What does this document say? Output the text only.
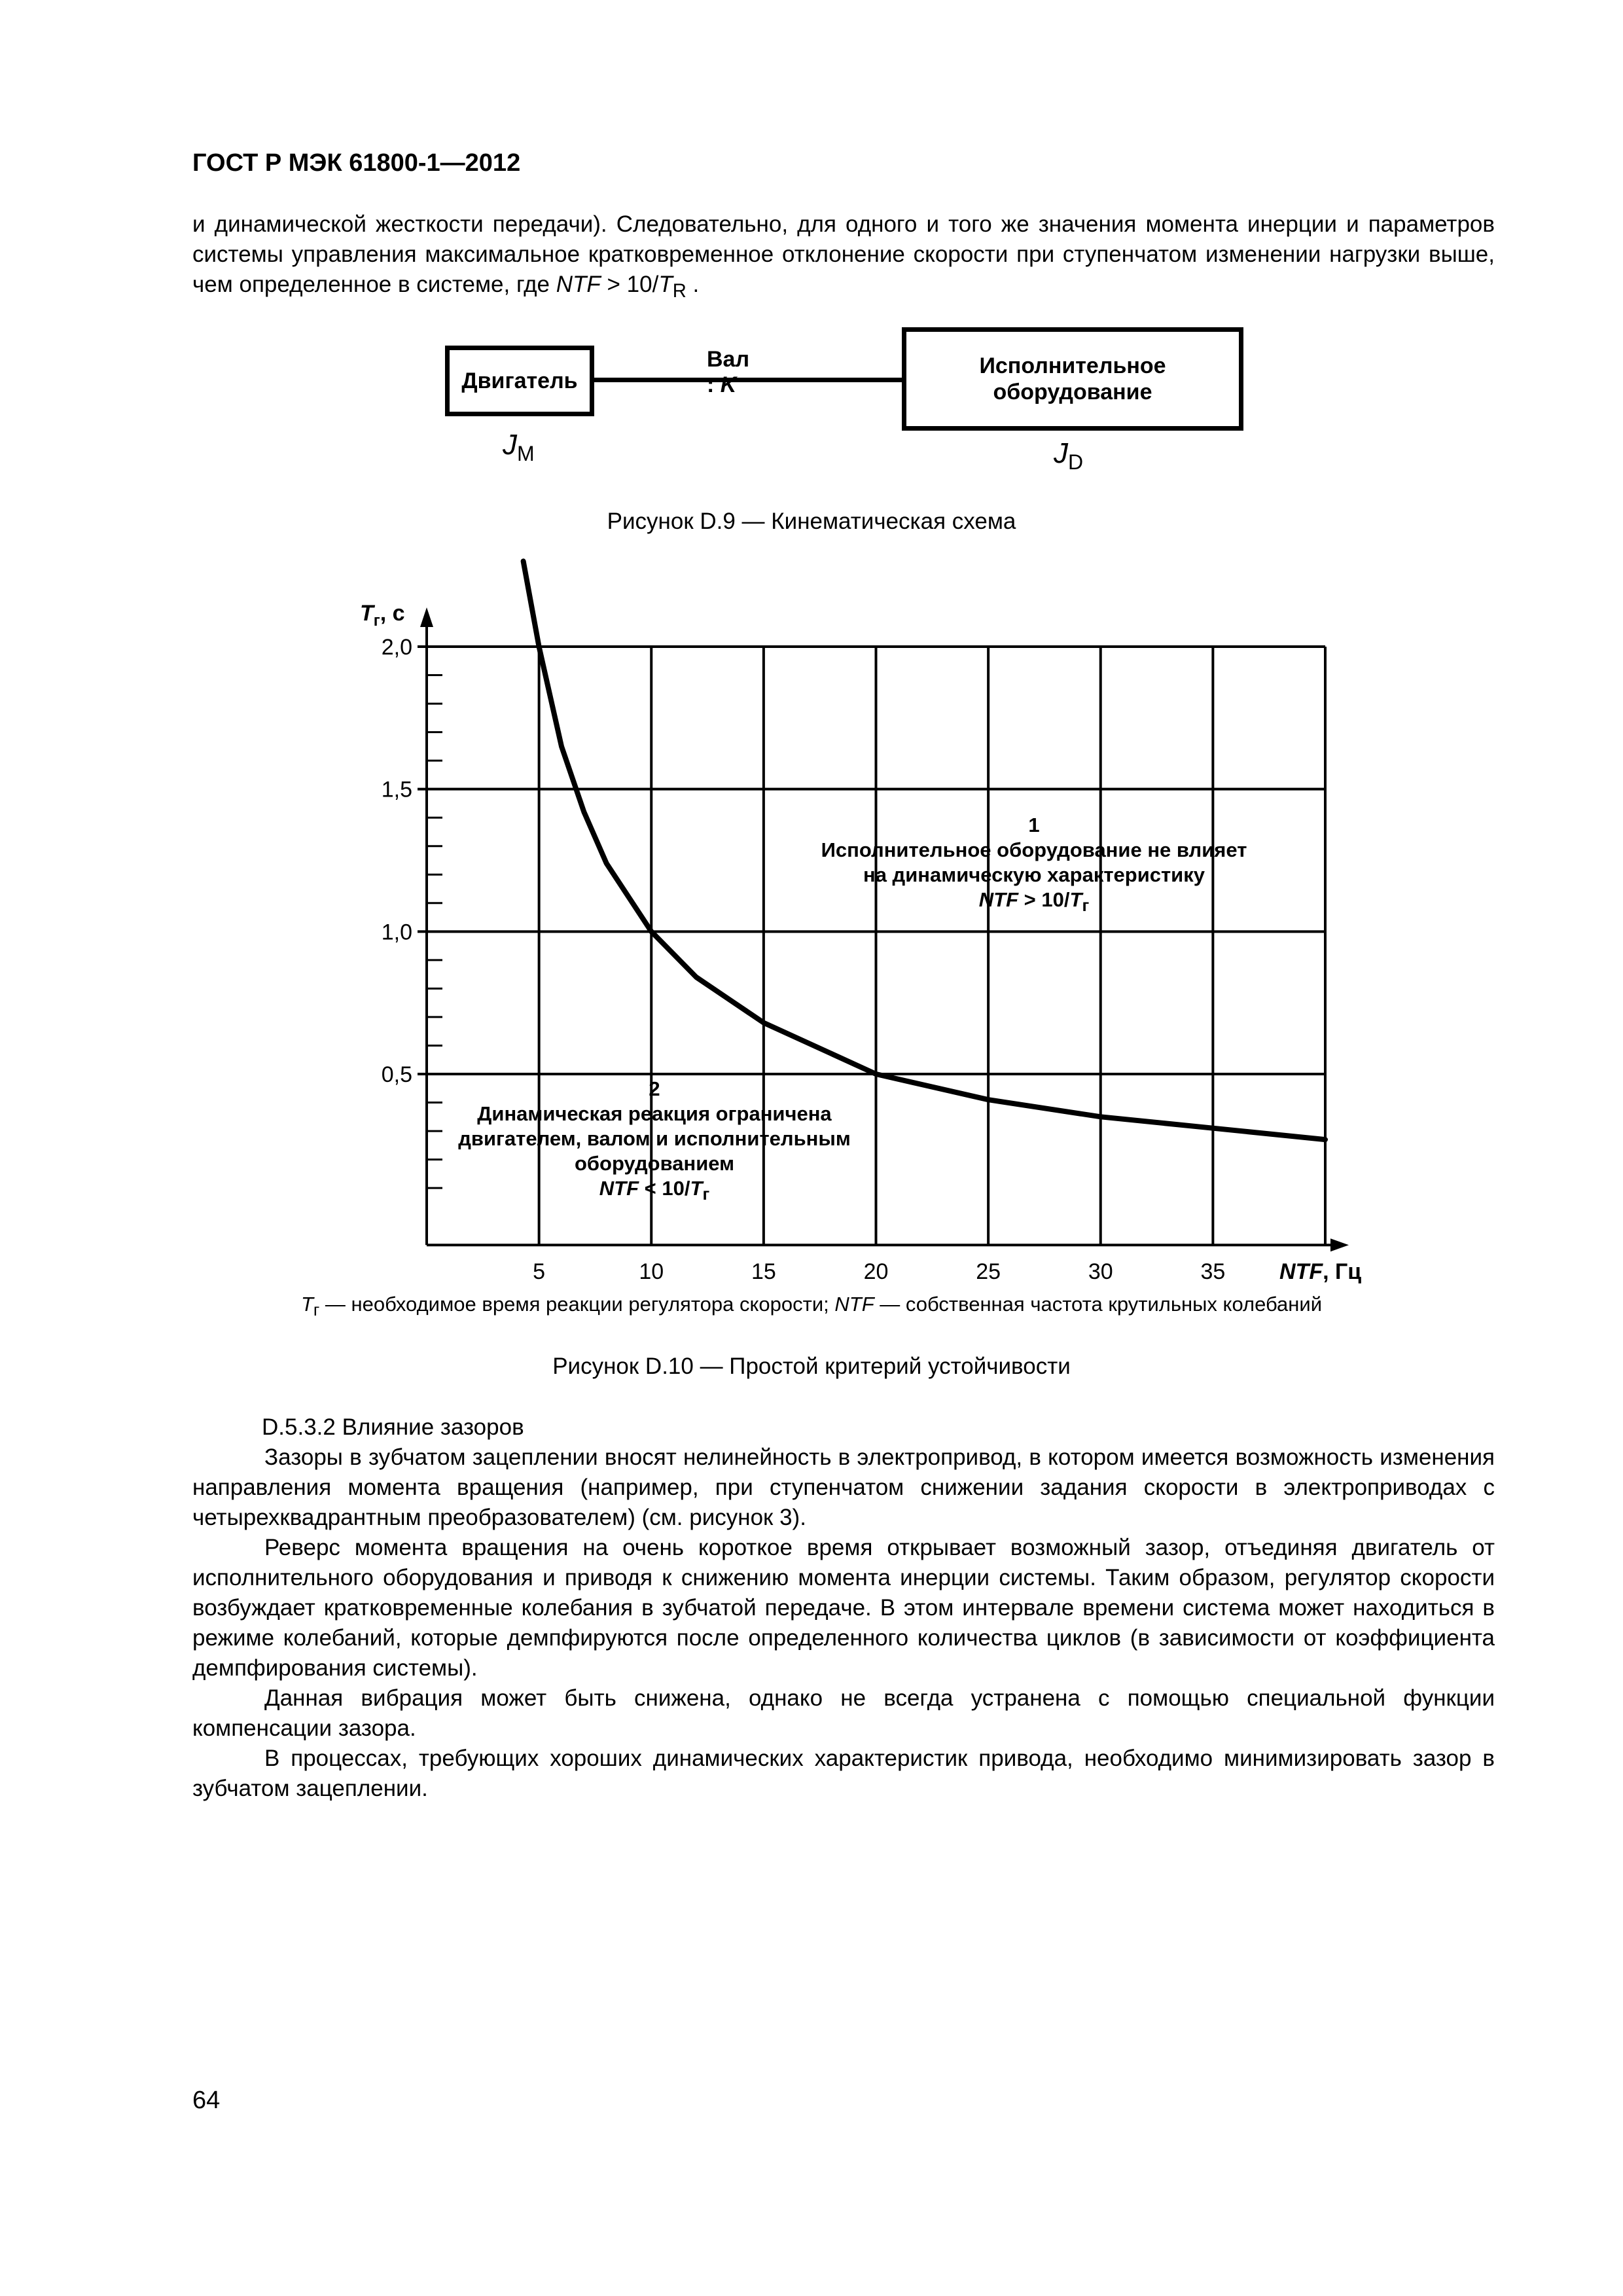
ГОСТ Р МЭК 61800-1—2012
и динамической жесткости передачи). Следовательно, для одного и того же значения момента инерции и параметров системы управления максимальное кратковременное отклонение скорости при ступенчатом изменении нагрузки выше, чем определенное в системе, где NTF > $10/T_R$ .
Двигатель
Вал : K
Исполнительное
оборудование
$J_M$	$J_D$
Рисунок D.9 — Кинематическая схема
0,5
1,0
1,5
2,0
5	10	15	20	25	30	35 NTF, Гц
$T_г$, с
1
Исполнительное оборудование не влияет
на динамическую характеристику
NTF > $10/T_г$
2
Динамическая реакция ограничена
двигателем, валом и исполнительным
оборудованием
NTF < $10/T_г$
$T_г$ — необходимое время реакции регулятора скорости; NTF — собственная частота крутильных колебаний
Рисунок D.10 — Простой критерий устойчивости
D.5.3.2 Влияние зазоров
Зазоры в зубчатом зацеплении вносят нелинейность в электропривод, в котором имеется возможность изменения направления момента вращения (например, при ступенчатом снижении задания скорости в электроприводах с четырехквадрантным преобразователем) (см. рисунок 3).
Реверс момента вращения на очень короткое время открывает возможный зазор, отъединяя двигатель от исполнительного оборудования и приводя к снижению момента инерции системы. Таким образом, регулятор скорости возбуждает кратковременные колебания в зубчатой передаче. В этом интервале времени система может находиться в режиме колебаний, которые демпфируются после определенного количества циклов (в зависимости от коэффициента демпфирования системы).
Данная вибрация может быть снижена, однако не всегда устранена с помощью специальной функции компенсации зазора.
В процессах, требующих хороших динамических характеристик привода, необходимо минимизировать зазор в зубчатом зацеплении.
64
